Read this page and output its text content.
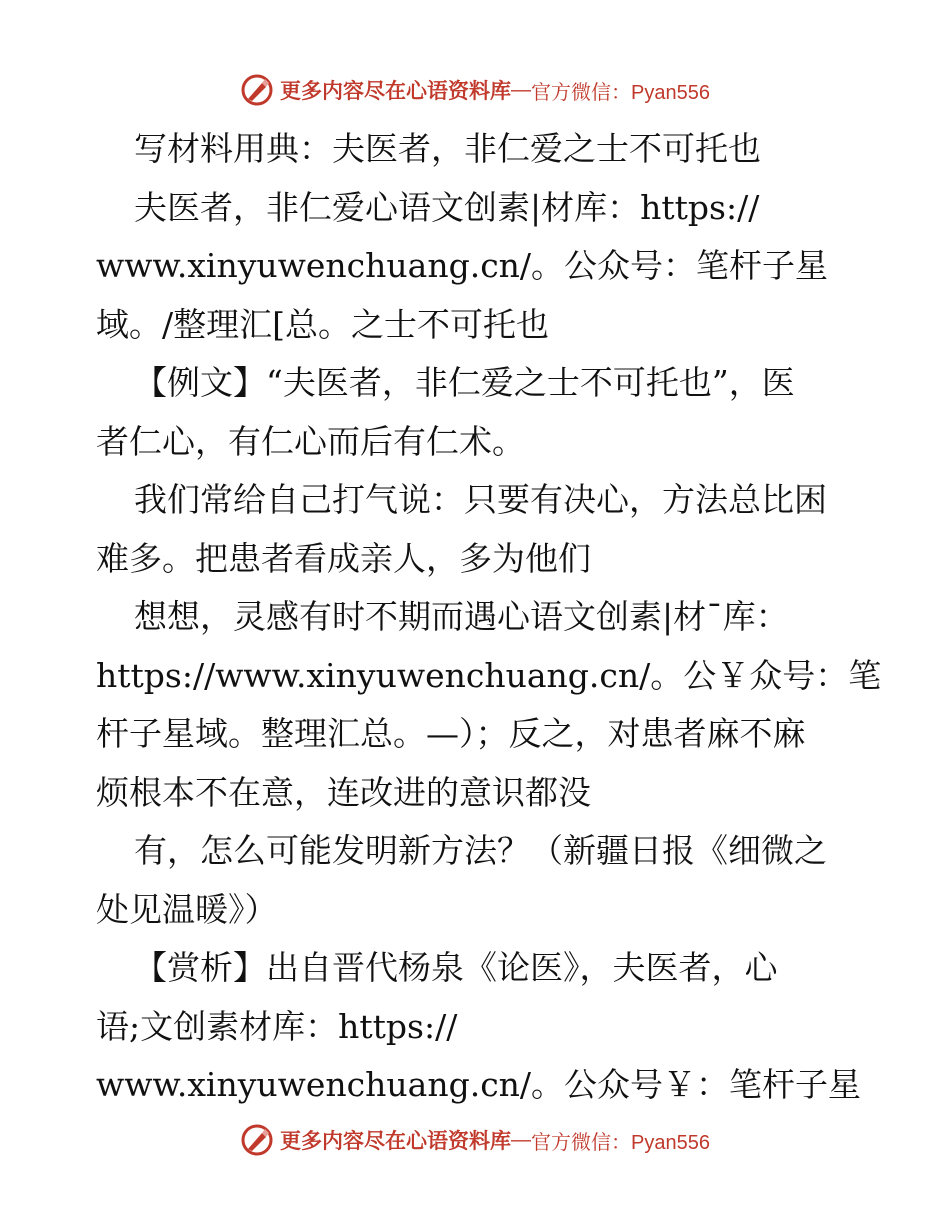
更多内容尽在心语资料库 — 官方微信：Pyan556
写材料用典：夫医者，非仁爱之士不可托也
夫医者，非仁爱心语文创素|材库：https://
www.xinyuwenchuang.cn/。公众号：笔杆子星
域。/整理汇[总。之士不可托也
【例文】“夫医者，非仁爱之士不可托也”，医
者仁心，有仁心而后有仁术。
我们常给自己打气说：只要有决心，方法总比困
难多。把患者看成亲人，多为他们
想想，灵感有时不期而遇心语文创素|材¯库：
https://www.xinyuwenchuang.cn/。公￥众号：笔
杆子星域。整理汇总。—）；反之，对患者麻不麻
烦根本不在意，连改进的意识都没
有，怎么可能发明新方法？（新疆日报《细微之
处见温暖》）
【赏析】出自晋代杨泉《论医》，夫医者，心
语;文创素材库：https://
www.xinyuwenchuang.cn/。公众号￥：笔杆子星
更多内容尽在心语资料库 — 官方微信：Pyan556
